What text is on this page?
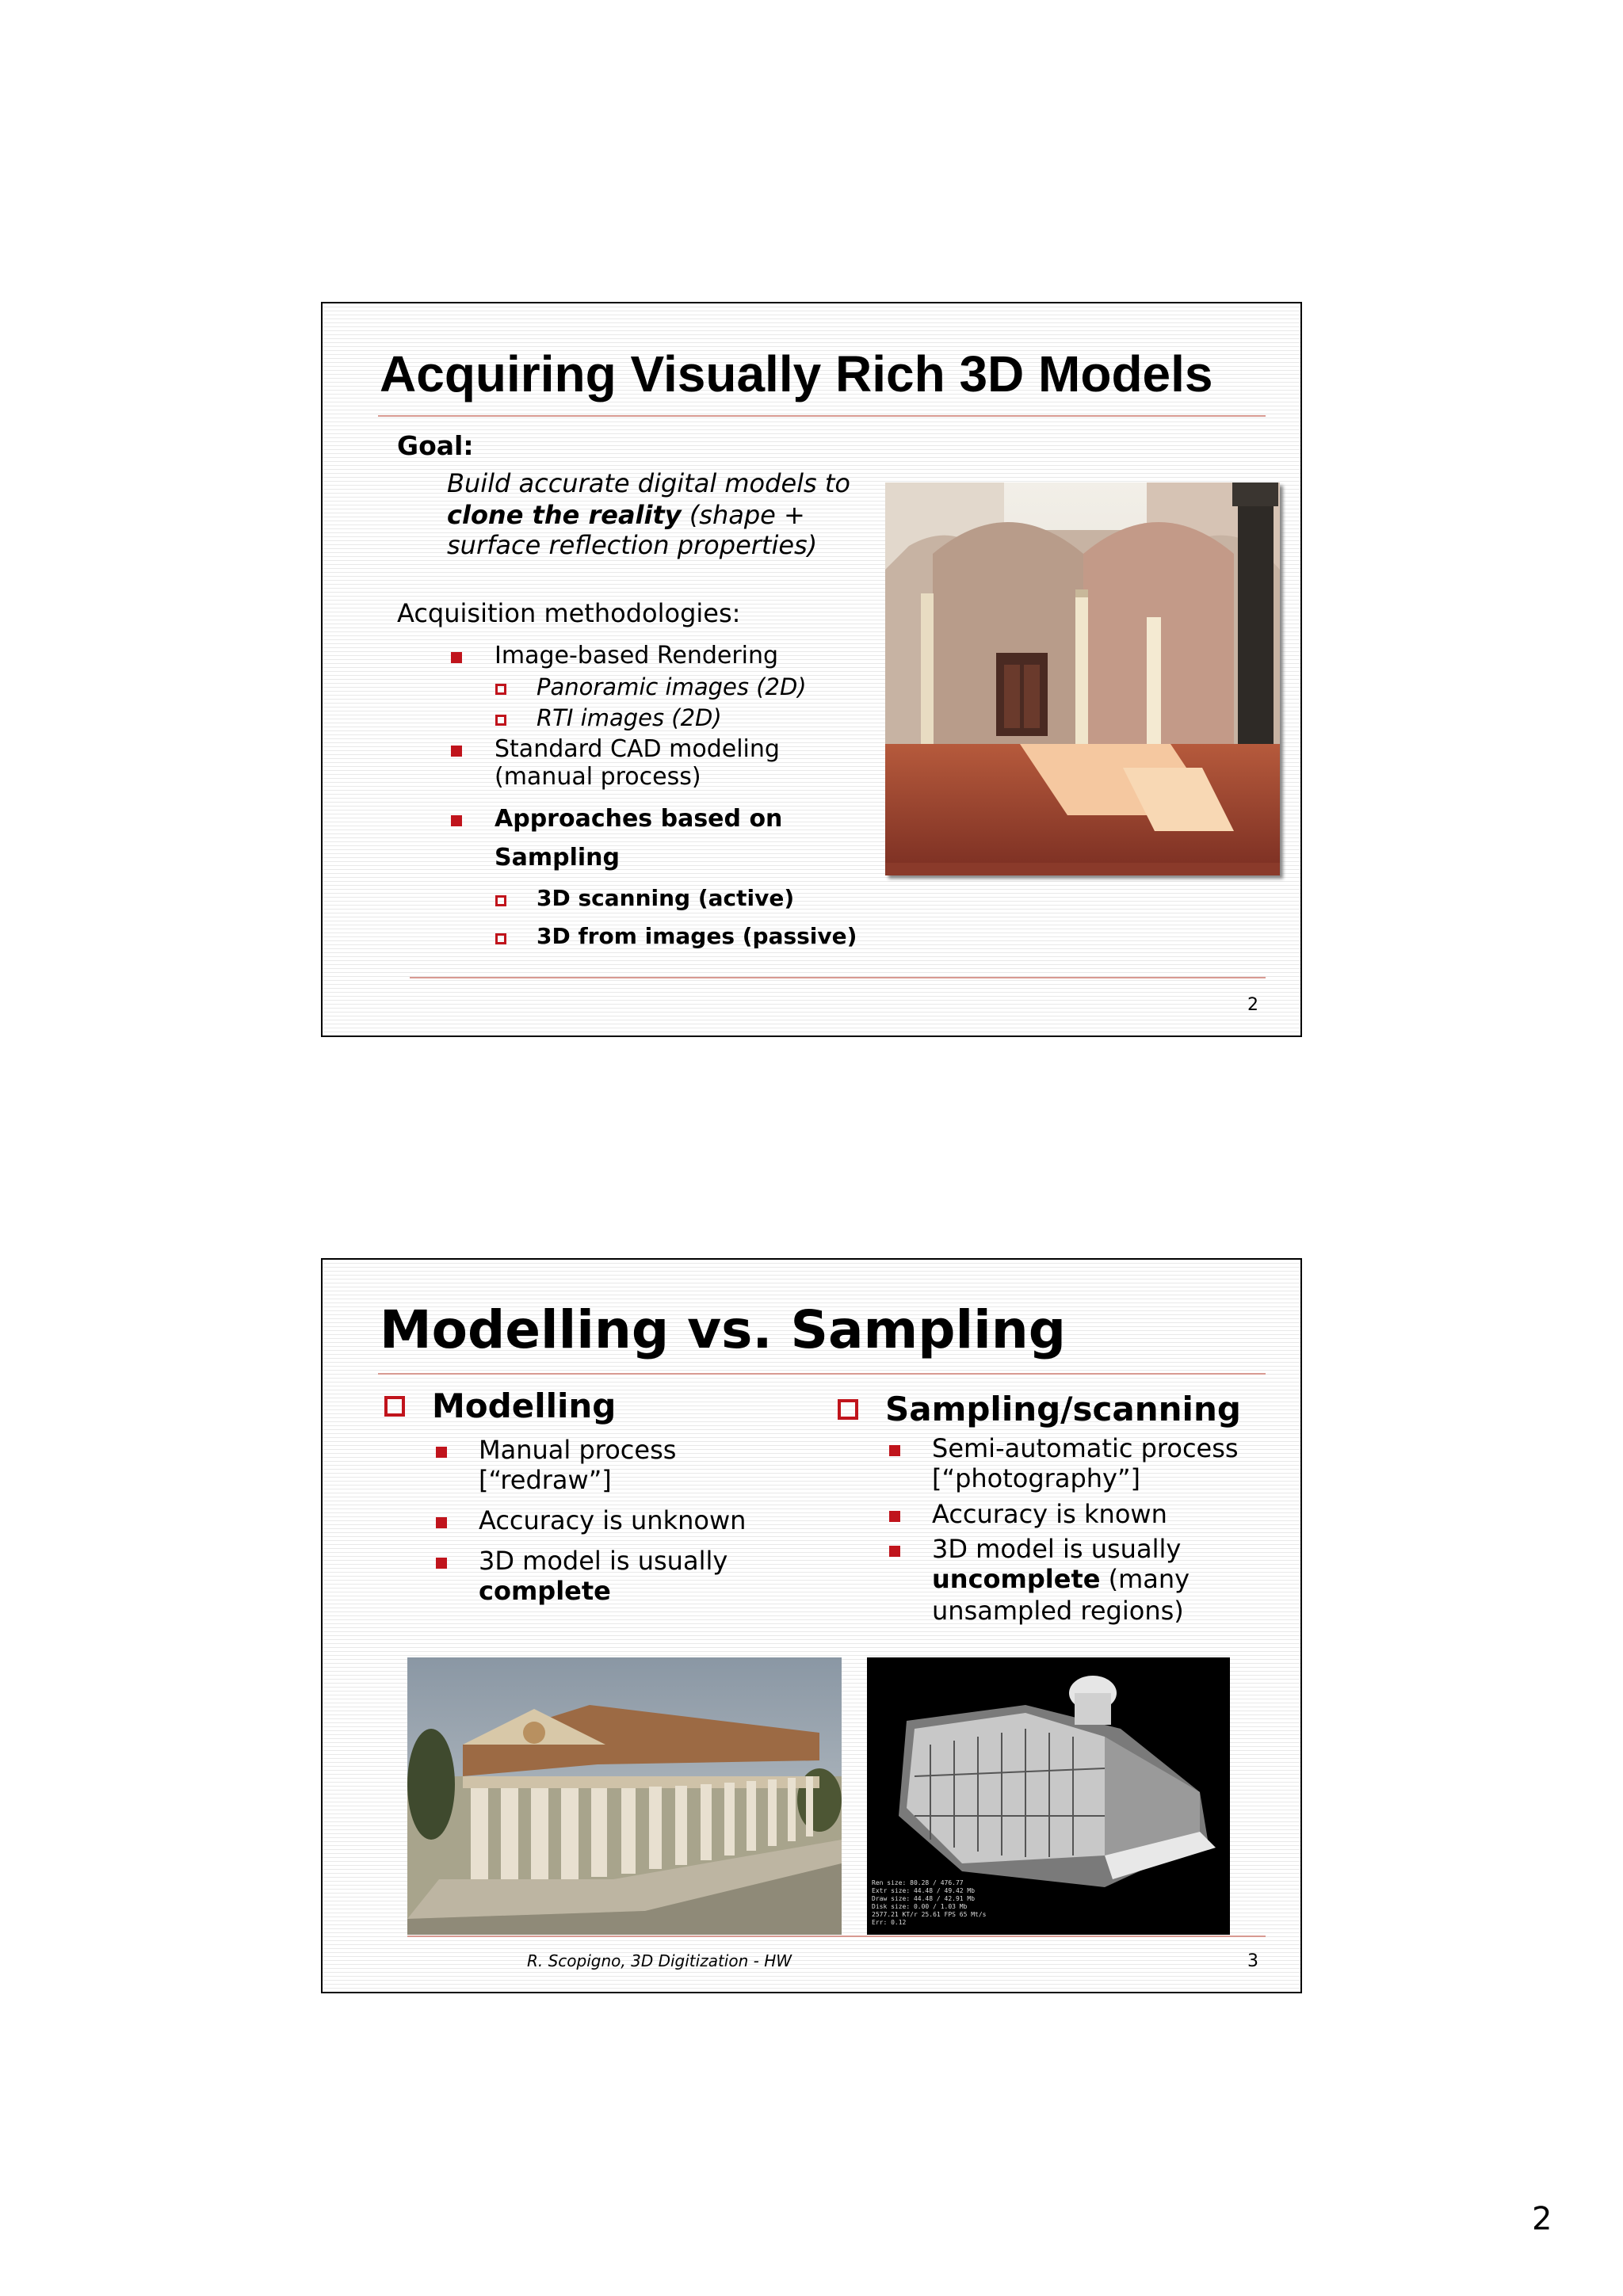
Acquiring Visually Rich 3D Models
Goal:
Build accurate digital models to
clone the reality (shape +
surface reflection properties)
Acquisition methodologies:
Image-based Rendering
Panoramic images (2D)
RTI images (2D)
Standard CAD modeling
(manual process)
Approaches based on
Sampling
3D scanning (active)
3D from images (passive)
2
Modelling vs. Sampling
Modelling
Manual process
[“redraw”]
Accuracy is unknown
3D model is usually
complete
Sampling/scanning
Semi-automatic process
[“photography”]
Accuracy is known
3D model is usually
uncomplete (many
unsampled regions)
Ren size: 80.28 / 476.77
Extr size: 44.48 / 49.42 Mb
Draw size: 44.48 / 42.91 Mb
Disk size: 0.00 / 1.03 Mb
2577.21 KT/r 25.61 FPS 65 Mt/s
Err: 0.12
R. Scopigno, 3D Digitization - HW	3
2
